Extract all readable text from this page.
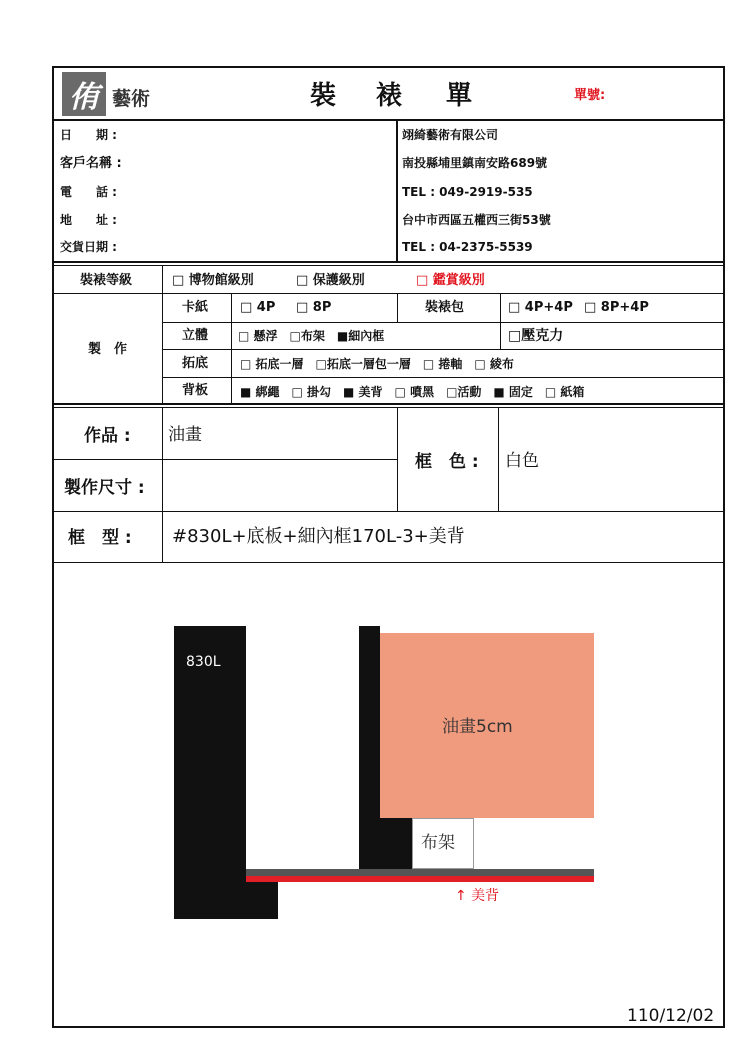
侑 藝術	裝 裱 單	單號:
日　　期 :
客戶名稱 :
電　　話 :
地　　址 :
交貨日期 :
翊綺藝術有限公司
南投縣埔里鎮南安路689號
TEL : 049-2919-535
台中市西區五權西三街53號
TEL : 04-2375-5539
裝裱等級	□ 博物館級別	□ 保護級別	□ 鑑賞級別
製　作
卡紙 □ 4P □ 8P	裝裱包	□ 4P+4P □ 8P+4P
立體 □ 懸浮　□布架　■細內框	□壓克力
拓底	□ 拓底一層　□拓底一層包一層　□ 捲軸　□ 綾布
背板	■ 綁繩　□ 掛勾　■ 美背　□ 噴黑　□活動　■ 固定　□ 紙箱
作品 : 油畫
框　色 : 白色
製作尺寸 :
框　型 : #830L+底板+細內框170L-3+美背
830L
油畫5cm
布架
↑ 美背
110/12/02
